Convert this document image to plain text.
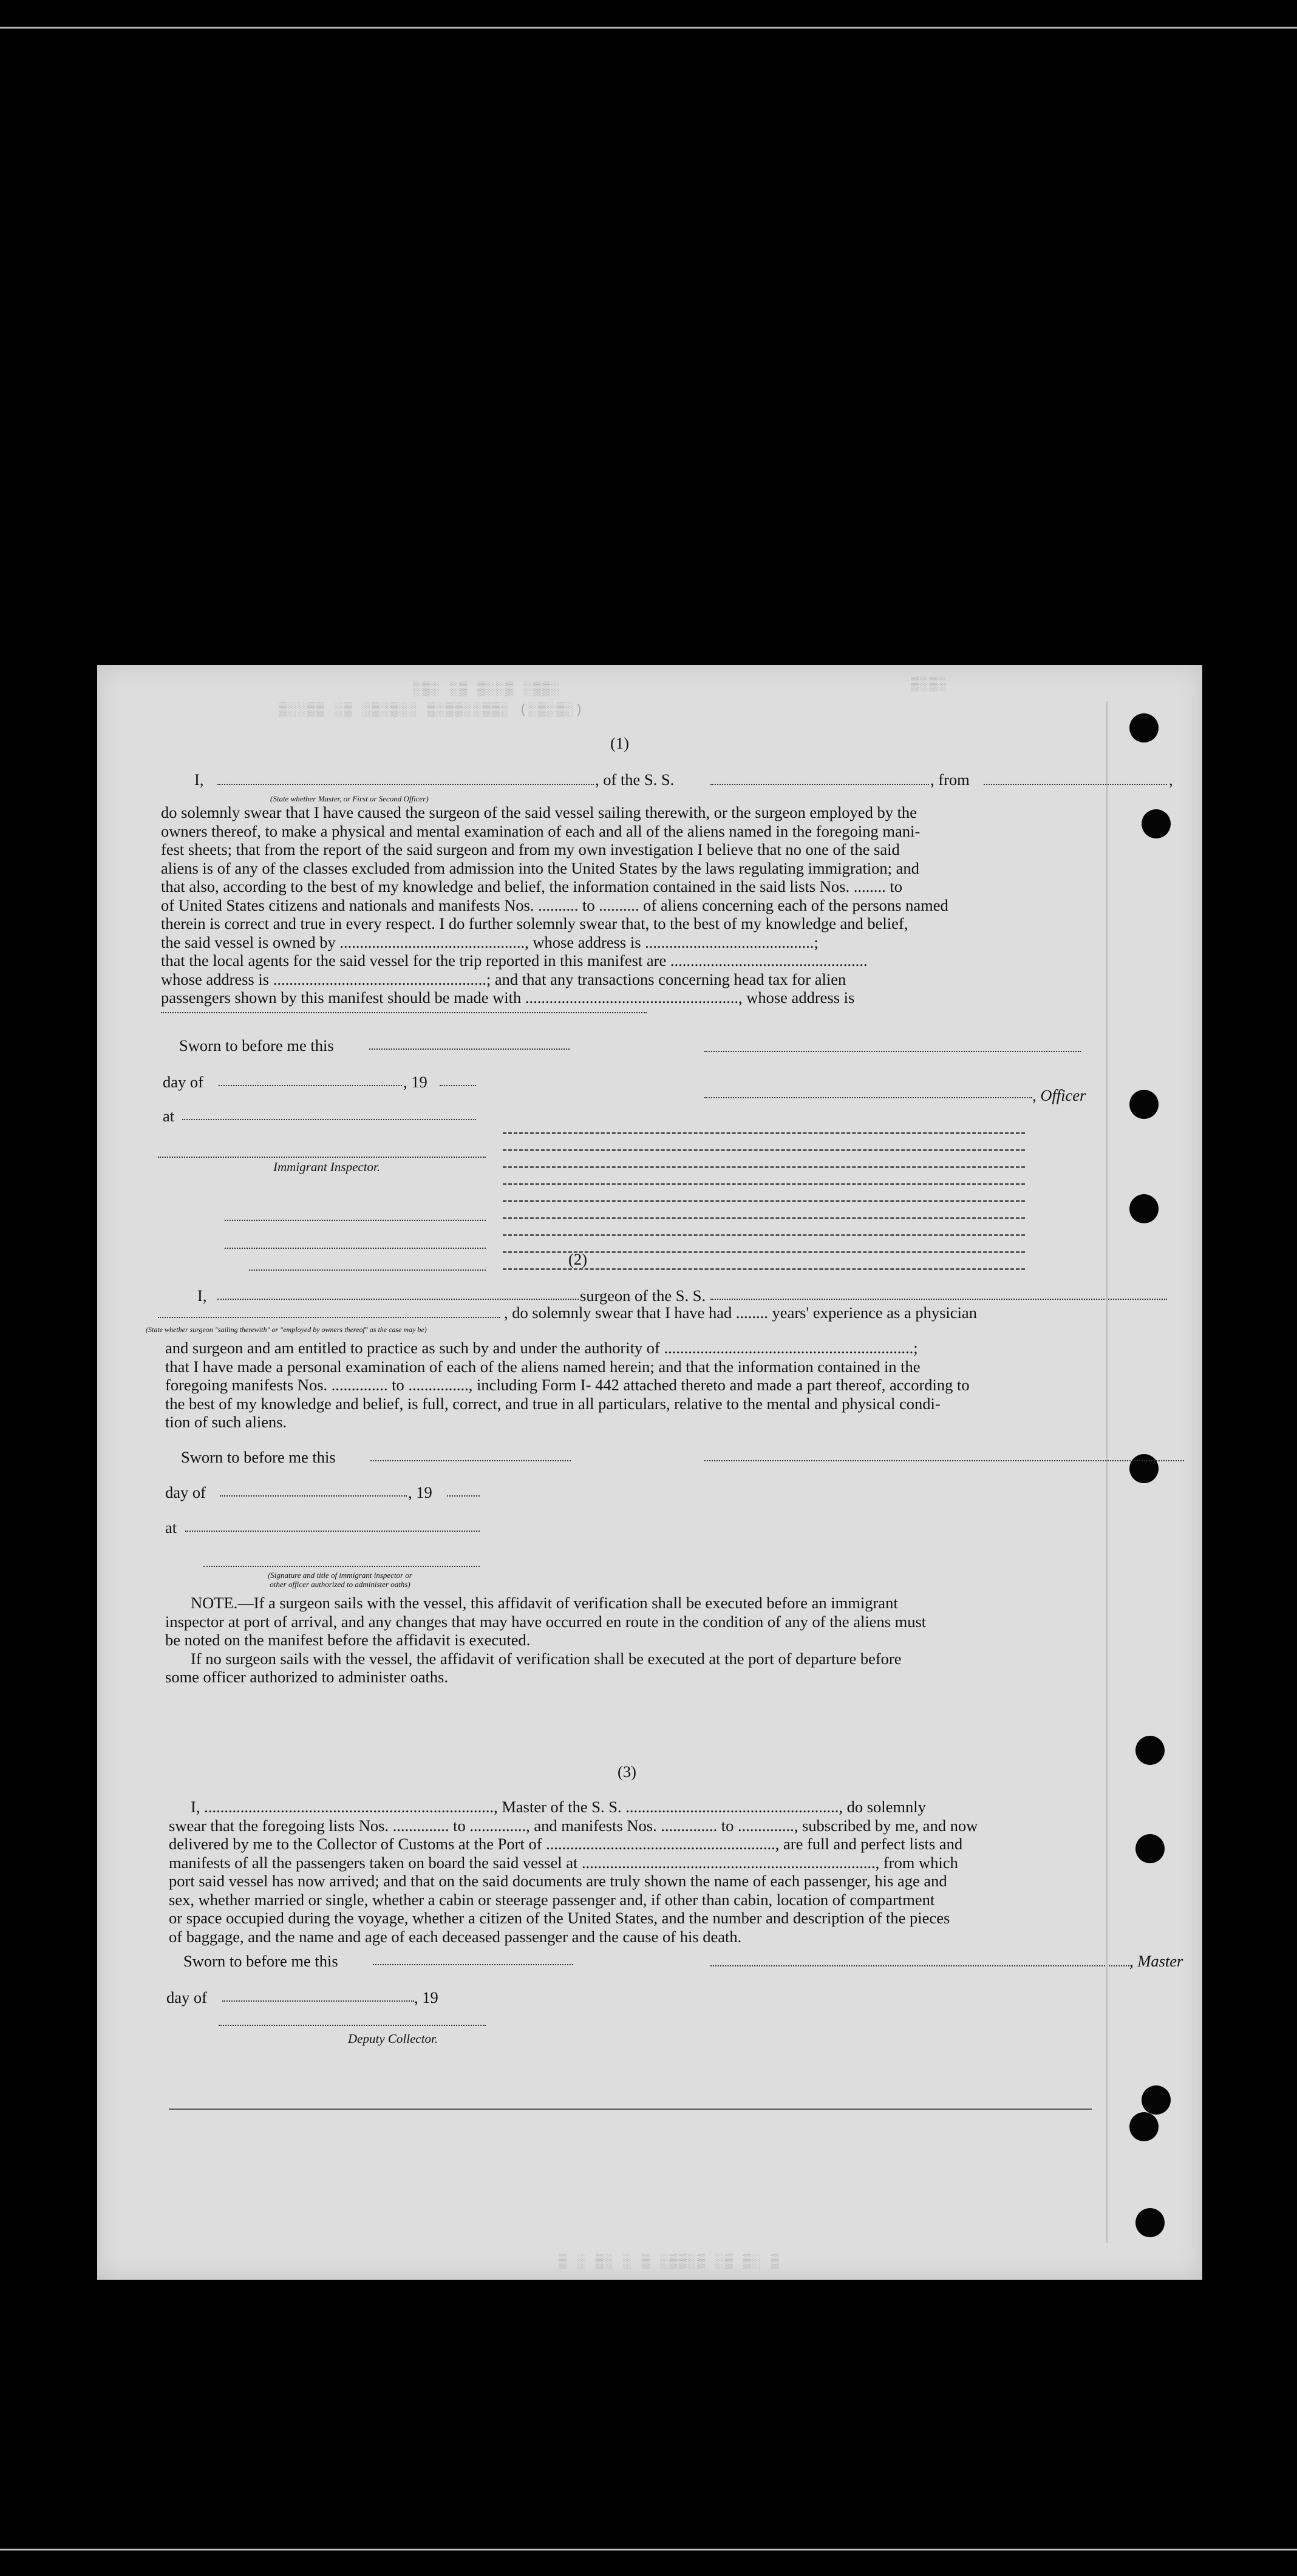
░▒░ ░▒ ▒░░▒ ░▒▒░
▒░░▒▒ ░▒ ░▒░▒░░ ▒░▒▒░░▒▒░ (░▒░▒░)
▒░▒░
▒ ░ ▒░ ░ ▒ ░▒▒░▒ ░▒ ▒░ ▒
(1)
I,	, of the S. S.	, from	,
(State whether Master, or First or Second Officer)
do solemnly swear that I have caused the surgeon of the said vessel sailing therewith, or the surgeon employed by the
owners thereof, to make a physical and mental examination of each and all of the aliens named in the foregoing mani-
fest sheets; that from the report of the said surgeon and from my own investigation I believe that no one of the said
aliens is of any of the classes excluded from admission into the United States by the laws regulating immigration; and
that also, according to the best of my knowledge and belief, the information contained in the said lists Nos. ........ to
of United States citizens and nationals and manifests Nos. .......... to .......... of aliens concerning each of the persons named
therein is correct and true in every respect. I do further solemnly swear that, to the best of my knowledge and belief,
the said vessel is owned by .............................................., whose address is ..........................................;
that the local agents for the said vessel for the trip reported in this manifest are .................................................
whose address is .....................................................; and that any transactions concerning head tax for alien
passengers shown by this manifest should be made with ....................................................., whose address is
Sworn to before me this
day of	, 19
, Officer
at
Immigrant Inspector.
(2)
I,	surgeon of the S. S.
, do solemnly swear that I have had ........ years' experience as a physician
(State whether surgeon "sailing therewith" or "employed by owners thereof" as the case may be)
and surgeon and am entitled to practice as such by and under the authority of ..............................................................;
that I have made a personal examination of each of the aliens named herein; and that the information contained in the
foregoing manifests Nos. .............. to ..............., including Form I- 442 attached thereto and made a part thereof, according to
the best of my knowledge and belief, is full, correct, and true in all particulars, relative to the mental and physical condi-
tion of such aliens.
Sworn to before me this
day of	, 19
at
(Signature and title of immigrant inspector or
other officer authorized to administer oaths)
NOTE.—If a surgeon sails with the vessel, this affidavit of verification shall be executed before an immigrant
inspector at port of arrival, and any changes that may have occurred en route in the condition of any of the aliens must
be noted on the manifest before the affidavit is executed.
If no surgeon sails with the vessel, the affidavit of verification shall be executed at the port of departure before
some officer authorized to administer oaths.
(3)
I, ........................................................................, Master of the S. S. ....................................................., do solemnly
swear that the foregoing lists Nos. .............. to .............., and manifests Nos. .............. to .............., subscribed by me, and now
delivered by me to the Collector of Customs at the Port of ........................................................., are full and perfect lists and
manifests of all the passengers taken on board the said vessel at ........................................................................., from which
port said vessel has now arrived; and that on the said documents are truly shown the name of each passenger, his age and
sex, whether married or single, whether a cabin or steerage passenger and, if other than cabin, location of compartment
or space occupied during the voyage, whether a citizen of the United States, and the number and description of the pieces
of baggage, and the name and age of each deceased passenger and the cause of his death.
Sworn to before me this	, Master
day of	, 19
Deputy Collector.
